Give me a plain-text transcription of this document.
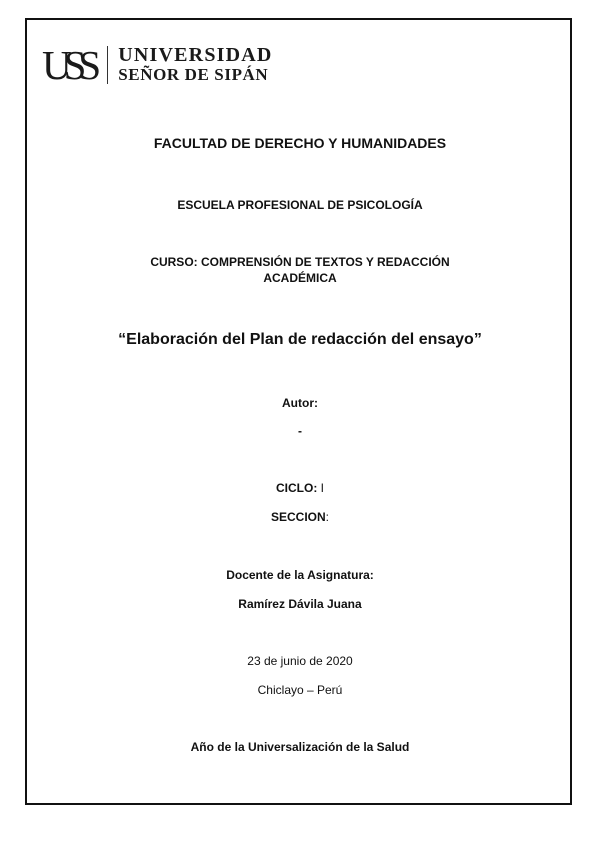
USS	UNIVERSIDAD
SEÑOR DE SIPÁN
FACULTAD DE DERECHO Y HUMANIDADES
ESCUELA PROFESIONAL DE PSICOLOGÍA
CURSO: COMPRENSIÓN DE TEXTOS Y REDACCIÓN
ACADÉMICA
“Elaboración del Plan de redacción del ensayo”
Autor:
-
CICLO: I
SECCION:
Docente de la Asignatura:
Ramírez Dávila Juana
23 de junio de 2020
Chiclayo – Perú
Año de la Universalización de la Salud
